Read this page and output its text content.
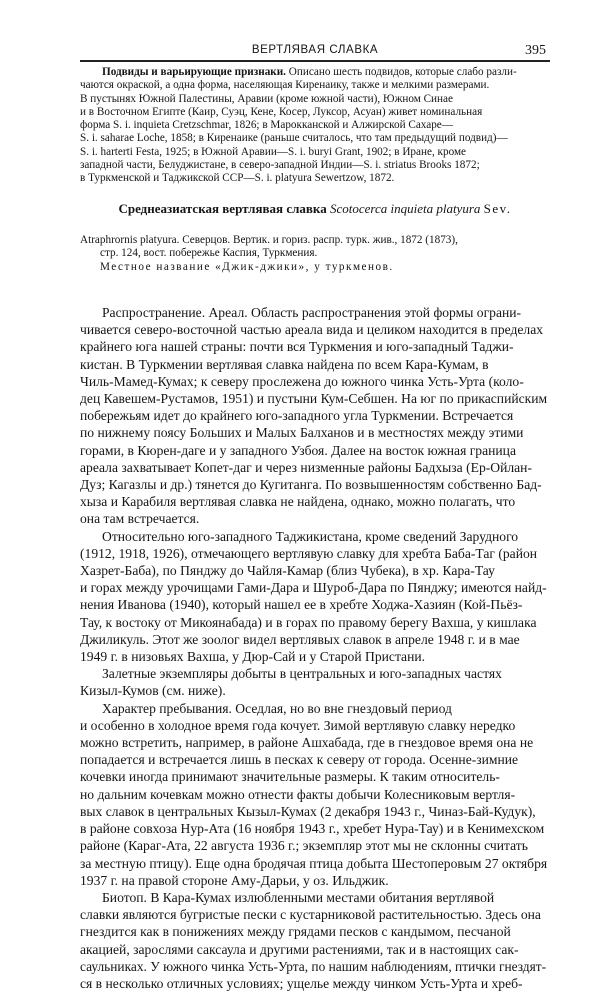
ВЕРТЛЯВАЯ СЛАВКА	395
Подвиды и варьирующие признаки. Описано шесть подвидов, которые слабо разли-
чаются окраской, а одна форма, населяющая Киренаику, также и мелкими размерами.
В пустынях Южной Палестины, Аравии (кроме южной части), Южном Синае
и в Восточном Египте (Каир, Суэц, Кене, Косер, Луксор, Асуан) живет номинальная
форма S. i. inquieta Cretzschmar, 1826; в Марокканской и Алжирской Сахаре—
S. i. saharae Loche, 1858; в Киренаике (раньше считалось, что там предыдущий подвид)—
S. i. harterti Festa, 1925; в Южной Аравии—S. i. buryi Grant, 1902; в Иране, кроме
западной части, Белуджистане, в северо-западной Индии—S. i. striatus Brooks 1872;
в Туркменской и Таджикской ССР—S. i. platyura Sewertzow, 1872.
Среднеазиатская вертлявая славка Scotocerca inquieta platyura Sev.
Atraphrornis platyura. Северцов. Вертик. и гориз. распр. турк. жив., 1872 (1873),
стр. 124, вост. побережье Каспия, Туркмения.
Местное название «Джик-джики», у туркменов.
Распространение. Ареал. Область распространения этой формы ограни-
чивается северо-восточной частью ареала вида и целиком находится в пределах
крайнего юга нашей страны: почти вся Туркмения и юго-западный Таджи-
кистан. В Туркмении вертлявая славка найдена по всем Кара-Кумам, в
Чиль-Мамед-Кумах; к северу прослежена до южного чинка Усть-Урта (коло-
дец Кавешем-Рустамов, 1951) и пустыни Кум-Себшен. На юг по прикаспийским
побережьям идет до крайнего юго-западного угла Туркмении. Встречается
по нижнему поясу Больших и Малых Балханов и в местностях между этими
горами, в Кюрен-даге и у западного Узбоя. Далее на восток южная граница
ареала захватывает Копет-даг и через низменные районы Бадхыза (Ер-Ойлан-
Дуз; Кагазлы и др.) тянется до Кугитанга. По возвышенностям собственно Бад-
хыза и Карабиля вертлявая славка не найдена, однако, можно полагать, что
она там встречается.
Относительно юго-западного Таджикистана, кроме сведений Зарудного
(1912, 1918, 1926), отмечающего вертлявую славку для хребта Баба-Таг (район
Хазрет-Баба), по Пянджу до Чайля-Камар (близ Чубека), в хр. Кара-Тау
и горах между урочищами Гами-Дара и Шуроб-Дара по Пянджу; имеются найд-
нения Иванова (1940), который нашел ее в хребте Ходжа-Хазиян (Кой-Пьёз-
Тау, к востоку от Микоянабада) и в горах по правому берегу Вахша, у кишлака
Джиликуль. Этот же зоолог видел вертлявых славок в апреле 1948 г. и в мае
1949 г. в низовьях Вахша, у Дюр-Сай и у Старой Пристани.
Залетные экземпляры добыты в центральных и юго-западных частях
Кизыл-Кумов (см. ниже).
Характер пребывания. Оседлая, но во вне гнездовый период
и особенно в холодное время года кочует. Зимой вертлявую славку нередко
можно встретить, например, в районе Ашхабада, где в гнездовое время она не
попадается и встречается лишь в песках к северу от города. Осенне-зимние
кочевки иногда принимают значительные размеры. К таким относитель-
но дальним кочевкам можно отнести факты добычи Колесниковым вертля-
вых славок в центральных Кызыл-Кумах (2 декабря 1943 г., Чиназ-Бай-Кудук),
в районе совхоза Нур-Ата (16 ноября 1943 г., хребет Нура-Тау) и в Кенимехском
районе (Караг-Ата, 22 августа 1936 г.; экземпляр этот мы не склонны считать
за местную птицу). Еще одна бродячая птица добыта Шестоперовым 27 октября
1937 г. на правой стороне Аму-Дарьи, у оз. Ильджик.
Биотоп. В Кара-Кумах излюбленными местами обитания вертлявой
славки являются бугристые пески с кустарниковой растительностью. Здесь она
гнездится как в понижениях между грядами песков с кандымом, песчаной
акацией, зарослями саксаула и другими растениями, так и в настоящих сак-
саульниках. У южного чинка Усть-Урта, по нашим наблюдениям, птички гнездят-
ся в несколько отличных условиях; ущелье между чинком Усть-Урта и хреб-
